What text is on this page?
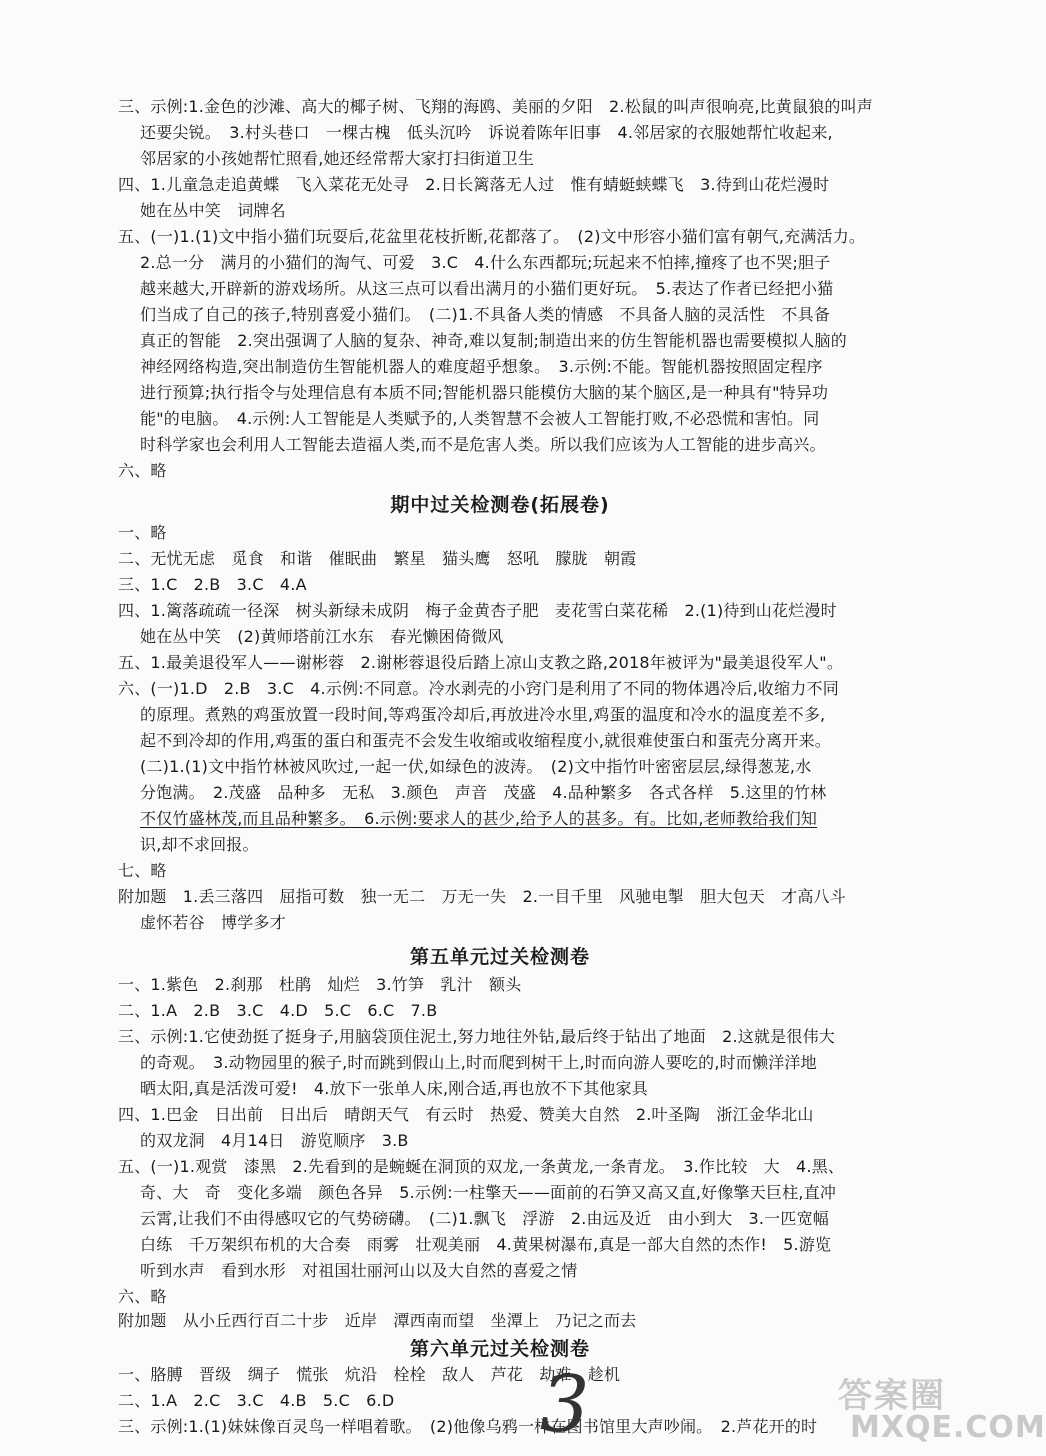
三、示例:1.金色的沙滩、高大的椰子树、飞翔的海鸥、美丽的夕阳　2.松鼠的叫声很响亮,比黄鼠狼的叫声
还要尖锐。　3.村头巷口　一棵古槐　低头沉吟　诉说着陈年旧事　4.邻居家的衣服她帮忙收起来,
邻居家的小孩她帮忙照看,她还经常帮大家打扫街道卫生
四、1.儿童急走追黄蝶　飞入菜花无处寻　2.日长篱落无人过　惟有蜻蜓蛱蝶飞　3.待到山花烂漫时
她在丛中笑　词牌名
五、(一)1.(1)文中指小猫们玩耍后,花盆里花枝折断,花都落了。　(2)文中形容小猫们富有朝气,充满活力。
2.总一分　满月的小猫们的淘气、可爱　3.C　4.什么东西都玩;玩起来不怕摔,撞疼了也不哭;胆子
越来越大,开辟新的游戏场所。从这三点可以看出满月的小猫们更好玩。　5.表达了作者已经把小猫
们当成了自己的孩子,特别喜爱小猫们。　(二)1.不具备人类的情感　不具备人脑的灵活性　不具备
真正的智能　2.突出强调了人脑的复杂、神奇,难以复制;制造出来的仿生智能机器也需要模拟人脑的
神经网络构造,突出制造仿生智能机器人的难度超乎想象。　3.示例:不能。智能机器按照固定程序
进行预算;执行指令与处理信息有本质不同;智能机器只能模仿大脑的某个脑区,是一种具有"特异功
能"的电脑。　4.示例:人工智能是人类赋予的,人类智慧不会被人工智能打败,不必恐慌和害怕。同
时科学家也会利用人工智能去造福人类,而不是危害人类。所以我们应该为人工智能的进步高兴。
六、略
期中过关检测卷(拓展卷)
一、略
二、无忧无虑　觅食　和谐　催眠曲　繁星　猫头鹰　怒吼　朦胧　朝霞
三、1.C　2.B　3.C　4.A
四、1.篱落疏疏一径深　树头新绿未成阴　梅子金黄杏子肥　麦花雪白菜花稀　2.(1)待到山花烂漫时
她在丛中笑　(2)黄师塔前江水东　春光懒困倚微风
五、1.最美退役军人——谢彬蓉　2.谢彬蓉退役后踏上凉山支教之路,2018年被评为"最美退役军人"。
六、(一)1.D　2.B　3.C　4.示例:不同意。冷水剥壳的小窍门是利用了不同的物体遇冷后,收缩力不同
的原理。煮熟的鸡蛋放置一段时间,等鸡蛋冷却后,再放进冷水里,鸡蛋的温度和冷水的温度差不多,
起不到冷却的作用,鸡蛋的蛋白和蛋壳不会发生收缩或收缩程度小,就很难使蛋白和蛋壳分离开来。
(二)1.(1)文中指竹林被风吹过,一起一伏,如绿色的波涛。　(2)文中指竹叶密密层层,绿得葱茏,水
分饱满。　2.茂盛　品种多　无私　3.颜色　声音　茂盛　4.品种繁多　各式各样　5.这里的竹林
不仅竹盛林茂,而且品种繁多。　6.示例:要求人的甚少,给予人的甚多。有。比如,老师教给我们知
识,却不求回报。
七、略
附加题　1.丢三落四　屈指可数　独一无二　万无一失　2.一目千里　风驰电掣　胆大包天　才高八斗
虚怀若谷　博学多才
第五单元过关检测卷
一、1.紫色　2.刹那　杜鹃　灿烂　3.竹笋　乳汁　额头
二、1.A　2.B　3.C　4.D　5.C　6.C　7.B
三、示例:1.它使劲挺了挺身子,用脑袋顶住泥土,努力地往外钻,最后终于钻出了地面　2.这就是很伟大
的奇观。　3.动物园里的猴子,时而跳到假山上,时而爬到树干上,时而向游人要吃的,时而懒洋洋地
晒太阳,真是活泼可爱!　4.放下一张单人床,刚合适,再也放不下其他家具
四、1.巴金　日出前　日出后　晴朗天气　有云时　热爱、赞美大自然　2.叶圣陶　浙江金华北山
的双龙洞　4月14日　游览顺序　3.B
五、(一)1.观赏　漆黑　2.先看到的是蜿蜒在洞顶的双龙,一条黄龙,一条青龙。　3.作比较　大　4.黑、
奇、大　奇　变化多端　颜色各异　5.示例:一柱擎天——面前的石笋又高又直,好像擎天巨柱,直冲
云霄,让我们不由得感叹它的气势磅礴。　(二)1.飘飞　浮游　2.由远及近　由小到大　3.一匹宽幅
白练　千万架织布机的大合奏　雨雾　壮观美丽　4.黄果树瀑布,真是一部大自然的杰作!　5.游览
听到水声　看到水形　对祖国壮丽河山以及大自然的喜爱之情
六、略
附加题　从小丘西行百二十步　近岸　潭西南而望　坐潭上　乃记之而去
第六单元过关检测卷
一、胳膊　晋级　绸子　慌张　炕沿　栓栓　敌人　芦花　劫难　趁机
二、1.A　2.C　3.C　4.B　5.C　6.D
三、示例:1.(1)妹妹像百灵鸟一样唱着歌。　(2)他像乌鸦一样在图书馆里大声吵闹。　2.芦花开的时
3	答案圈
MXQE.COM
